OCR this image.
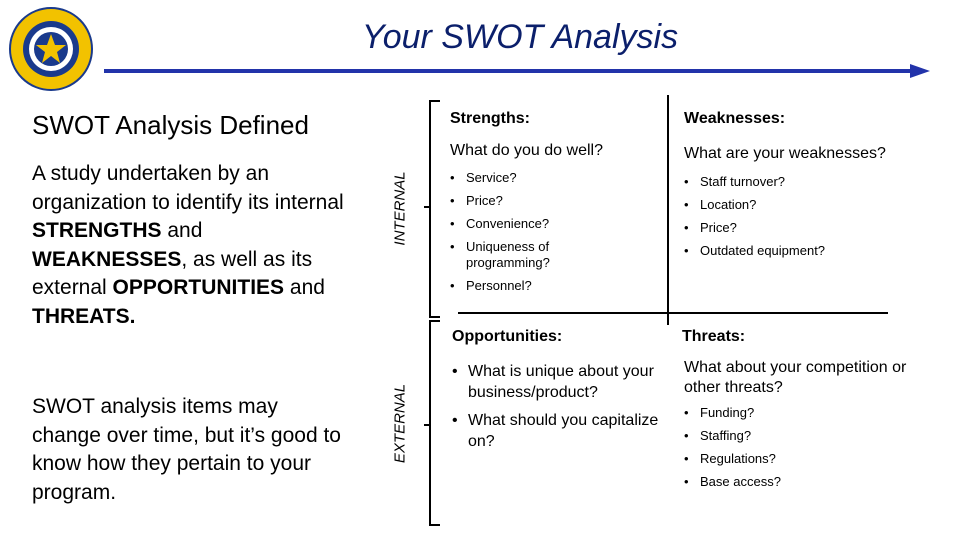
Your SWOT Analysis
SWOT Analysis Defined
A study undertaken by an organization to identify its internal STRENGTHS and WEAKNESSES, as well as its external OPPORTUNITIES and THREATS.
SWOT analysis items may change over time, but it’s good to know how they pertain to your program.
INTERNAL
EXTERNAL
Strengths:
What do you do well?
• Service?
• Price?
• Convenience?
• Uniqueness of programming?
• Personnel?
Weaknesses:
What are your weaknesses?
• Staff turnover?
• Location?
• Price?
• Outdated equipment?
Opportunities:
• What is unique about your business/product?
• What should you capitalize on?
Threats:
What about your competition or other threats?
• Funding?
• Staffing?
• Regulations?
• Base access?
